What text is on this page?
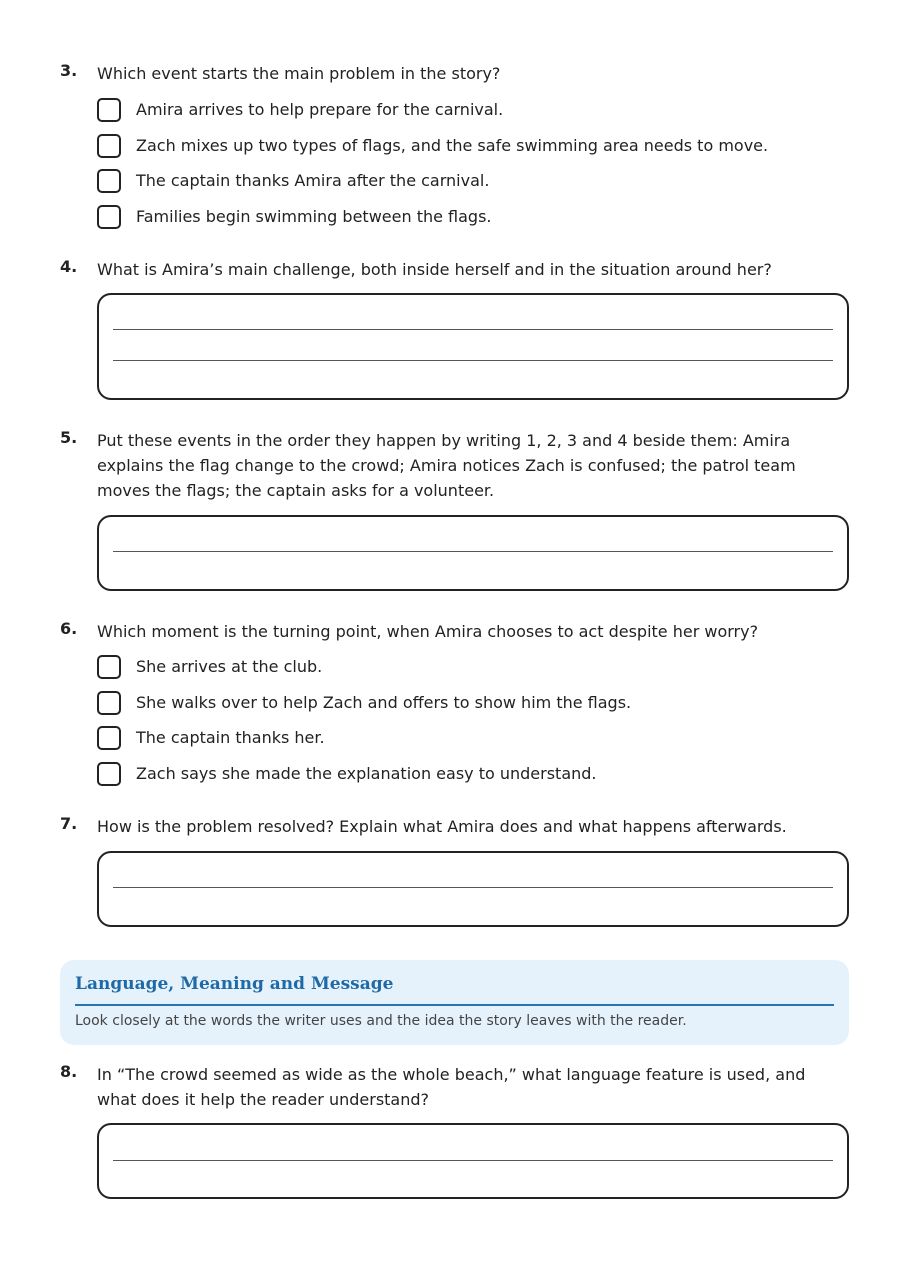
3. Which event starts the main problem in the story?
Amira arrives to help prepare for the carnival.
Zach mixes up two types of flags, and the safe swimming area needs to move.
The captain thanks Amira after the carnival.
Families begin swimming between the flags.
4. What is Amira’s main challenge, both inside herself and in the situation around her?
5. Put these events in the order they happen by writing 1, 2, 3 and 4 beside them: Amira explains the flag change to the crowd; Amira notices Zach is confused; the patrol team moves the flags; the captain asks for a volunteer.
6. Which moment is the turning point, when Amira chooses to act despite her worry?
She arrives at the club.
She walks over to help Zach and offers to show him the flags.
The captain thanks her.
Zach says she made the explanation easy to understand.
7. How is the problem resolved? Explain what Amira does and what happens afterwards.
Language, Meaning and Message
Look closely at the words the writer uses and the idea the story leaves with the reader.
8. In “The crowd seemed as wide as the whole beach,” what language feature is used, and what does it help the reader understand?
